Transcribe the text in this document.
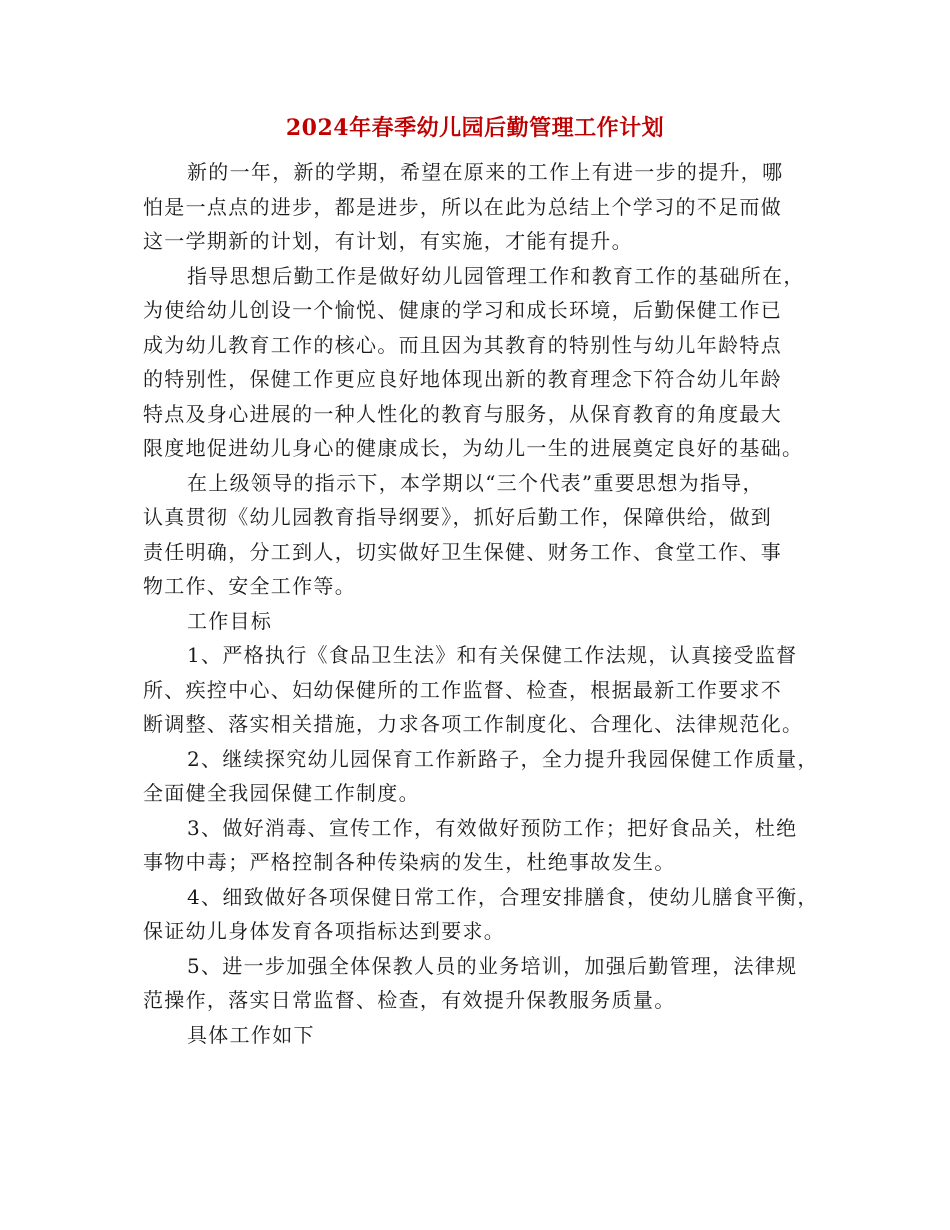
2024年春季幼儿园后勤管理工作计划

新的一年，新的学期，希望在原来的工作上有进一步的提升，哪
怕是一点点的进步，都是进步，所以在此为总结上个学习的不足而做
这一学期新的计划，有计划，有实施，才能有提升。

指导思想后勤工作是做好幼儿园管理工作和教育工作的基础所在，
为使给幼儿创设一个愉悦、健康的学习和成长环境，后勤保健工作已
成为幼儿教育工作的核心。而且因为其教育的特别性与幼儿年龄特点
的特别性，保健工作更应良好地体现出新的教育理念下符合幼儿年龄
特点及身心进展的一种人性化的教育与服务，从保育教育的角度最大
限度地促进幼儿身心的健康成长，为幼儿一生的进展奠定良好的基础。

在上级领导的指示下，本学期以“三个代表”重要思想为指导，
认真贯彻《幼儿园教育指导纲要》，抓好后勤工作，保障供给，做到
责任明确，分工到人，切实做好卫生保健、财务工作、食堂工作、事
物工作、安全工作等。

工作目标

1、严格执行《食品卫生法》和有关保健工作法规，认真接受监督
所、疾控中心、妇幼保健所的工作监督、检查，根据最新工作要求不
断调整、落实相关措施，力求各项工作制度化、合理化、法律规范化。

2、继续探究幼儿园保育工作新路子，全力提升我园保健工作质量，
全面健全我园保健工作制度。

3、做好消毒、宣传工作，有效做好预防工作；把好食品关，杜绝
事物中毒；严格控制各种传染病的发生，杜绝事故发生。

4、细致做好各项保健日常工作，合理安排膳食，使幼儿膳食平衡，
保证幼儿身体发育各项指标达到要求。

5、进一步加强全体保教人员的业务培训，加强后勤管理，法律规
范操作，落实日常监督、检查，有效提升保教服务质量。

具体工作如下
